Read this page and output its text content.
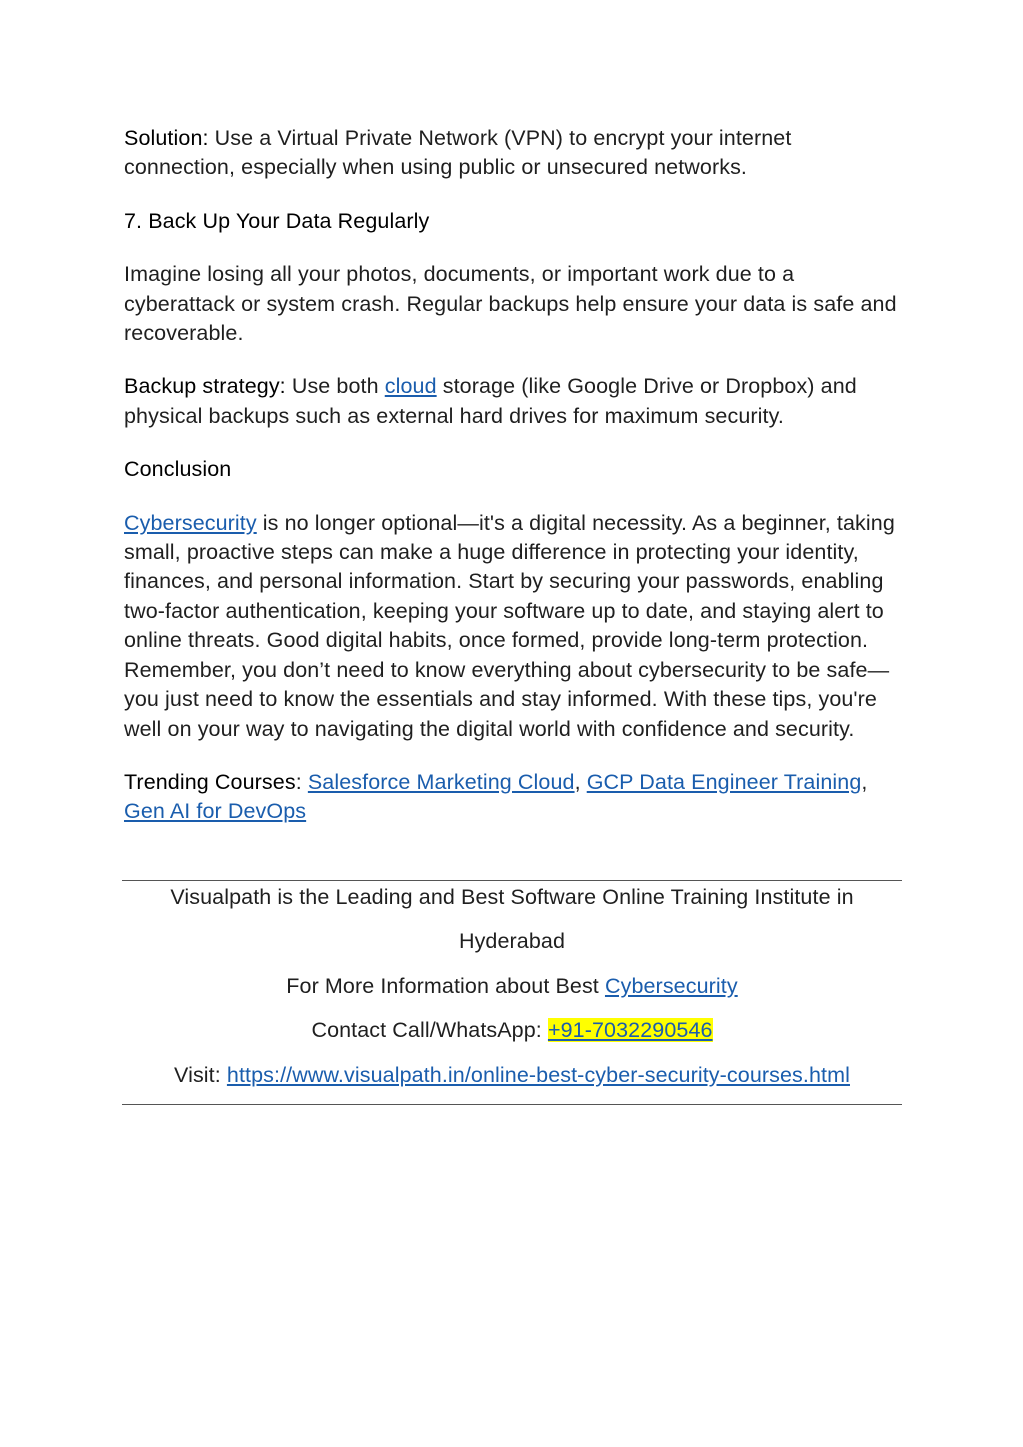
Solution: Use a Virtual Private Network (VPN) to encrypt your internet connection, especially when using public or unsecured networks.

7. Back Up Your Data Regularly

Imagine losing all your photos, documents, or important work due to a cyberattack or system crash. Regular backups help ensure your data is safe and recoverable.

Backup strategy: Use both cloud storage (like Google Drive or Dropbox) and physical backups such as external hard drives for maximum security.

Conclusion

Cybersecurity is no longer optional—it's a digital necessity. As a beginner, taking small, proactive steps can make a huge difference in protecting your identity, finances, and personal information. Start by securing your passwords, enabling two-factor authentication, keeping your software up to date, and staying alert to online threats. Good digital habits, once formed, provide long-term protection. Remember, you don’t need to know everything about cybersecurity to be safe—you just need to know the essentials and stay informed. With these tips, you're well on your way to navigating the digital world with confidence and security.

Trending Courses: Salesforce Marketing Cloud, GCP Data Engineer Training, Gen AI for DevOps

Visualpath is the Leading and Best Software Online Training Institute in

Hyderabad

For More Information about Best Cybersecurity

Contact Call/WhatsApp: +91-7032290546

Visit: https://www.visualpath.in/online-best-cyber-security-courses.html
